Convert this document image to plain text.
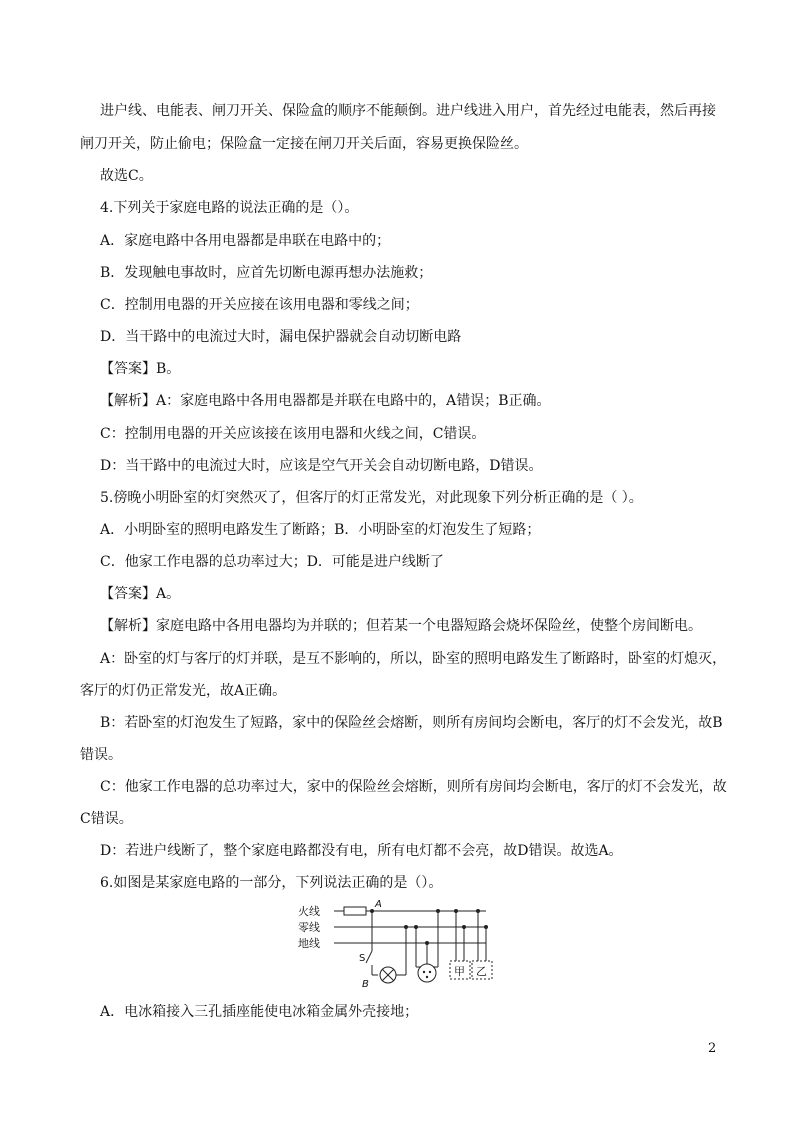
进户线、电能表、闸刀开关、保险盒的顺序不能颠倒。进户线进入用户，首先经过电能表，然后再接
闸刀开关，防止偷电；保险盒一定接在闸刀开关后面，容易更换保险丝。
故选C。
4.下列关于家庭电路的说法正确的是（）。
A．家庭电路中各用电器都是串联在电路中的；
B．发现触电事故时，应首先切断电源再想办法施救；
C．控制用电器的开关应接在该用电器和零线之间；
D．当干路中的电流过大时，漏电保护器就会自动切断电路
【答案】B。
【解析】A：家庭电路中各用电器都是并联在电路中的，A错误；B正确。
C：控制用电器的开关应该接在该用电器和火线之间，C错误。
D：当干路中的电流过大时，应该是空气开关会自动切断电路，D错误。
5.傍晚小明卧室的灯突然灭了，但客厅的灯正常发光，对此现象下列分析正确的是（ ）。
A．小明卧室的照明电路发生了断路；B．小明卧室的灯泡发生了短路；
C．他家工作电器的总功率过大；D．可能是进户线断了
【答案】A。
【解析】家庭电路中各用电器均为并联的；但若某一个电器短路会烧坏保险丝，使整个房间断电。
A：卧室的灯与客厅的灯并联，是互不影响的，所以，卧室的照明电路发生了断路时，卧室的灯熄灭，
客厅的灯仍正常发光，故A正确。
B：若卧室的灯泡发生了短路，家中的保险丝会熔断，则所有房间均会断电，客厅的灯不会发光，故B
错误。
C：他家工作电器的总功率过大，家中的保险丝会熔断，则所有房间均会断电，客厅的灯不会发光，故
C错误。
D：若进户线断了，整个家庭电路都没有电，所有电灯都不会亮，故D错误。故选A。
6.如图是某家庭电路的一部分，下列说法正确的是（）。
火线
零线
地线
A
S
B
甲 乙
A．电冰箱接入三孔插座能使电冰箱金属外壳接地；
2
